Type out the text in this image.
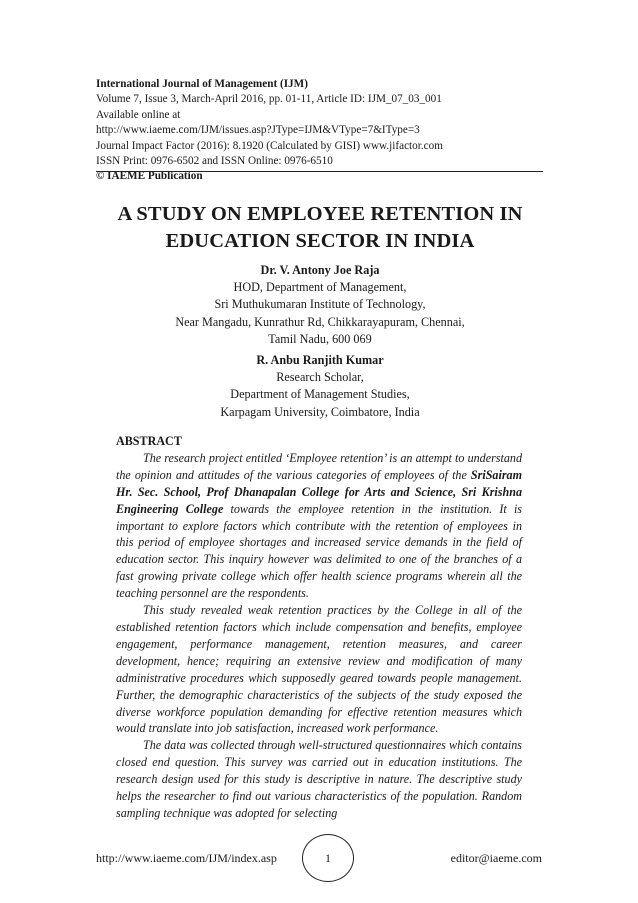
International Journal of Management (IJM)
Volume 7, Issue 3, March-April 2016, pp. 01-11, Article ID: IJM_07_03_001
Available online at
http://www.iaeme.com/IJM/issues.asp?JType=IJM&VType=7&IType=3
Journal Impact Factor (2016): 8.1920 (Calculated by GISI) www.jifactor.com
ISSN Print: 0976-6502 and ISSN Online: 0976-6510
© IAEME Publication
A STUDY ON EMPLOYEE RETENTION IN
EDUCATION SECTOR IN INDIA
Dr. V. Antony Joe Raja
HOD, Department of Management,
Sri Muthukumaran Institute of Technology,
Near Mangadu, Kunrathur Rd, Chikkarayapuram, Chennai,
Tamil Nadu, 600 069
R. Anbu Ranjith Kumar
Research Scholar,
Department of Management Studies,
Karpagam University, Coimbatore, India
ABSTRACT

The research project entitled ‘Employee retention’ is an attempt to understand the opinion and attitudes of the various categories of employees of the SriSairam Hr. Sec. School, Prof Dhanapalan College for Arts and Science, Sri Krishna Engineering College towards the employee retention in the institution. It is important to explore factors which contribute with the retention of employees in this period of employee shortages and increased service demands in the field of education sector. This inquiry however was delimited to one of the branches of a fast growing private college which offer health science programs wherein all the teaching personnel are the respondents.

This study revealed weak retention practices by the College in all of the established retention factors which include compensation and benefits, employee engagement, performance management, retention measures, and career development, hence; requiring an extensive review and modification of many administrative procedures which supposedly geared towards people management. Further, the demographic characteristics of the subjects of the study exposed the diverse workforce population demanding for effective retention measures which would translate into job satisfaction, increased work performance.

The data was collected through well-structured questionnaires which contains closed end question. This survey was carried out in education institutions. The research design used for this study is descriptive in nature. The descriptive study helps the researcher to find out various characteristics of the population. Random sampling technique was adopted for selecting

http://www.iaeme.com/IJM/index.asp	1	editor@iaeme.com
